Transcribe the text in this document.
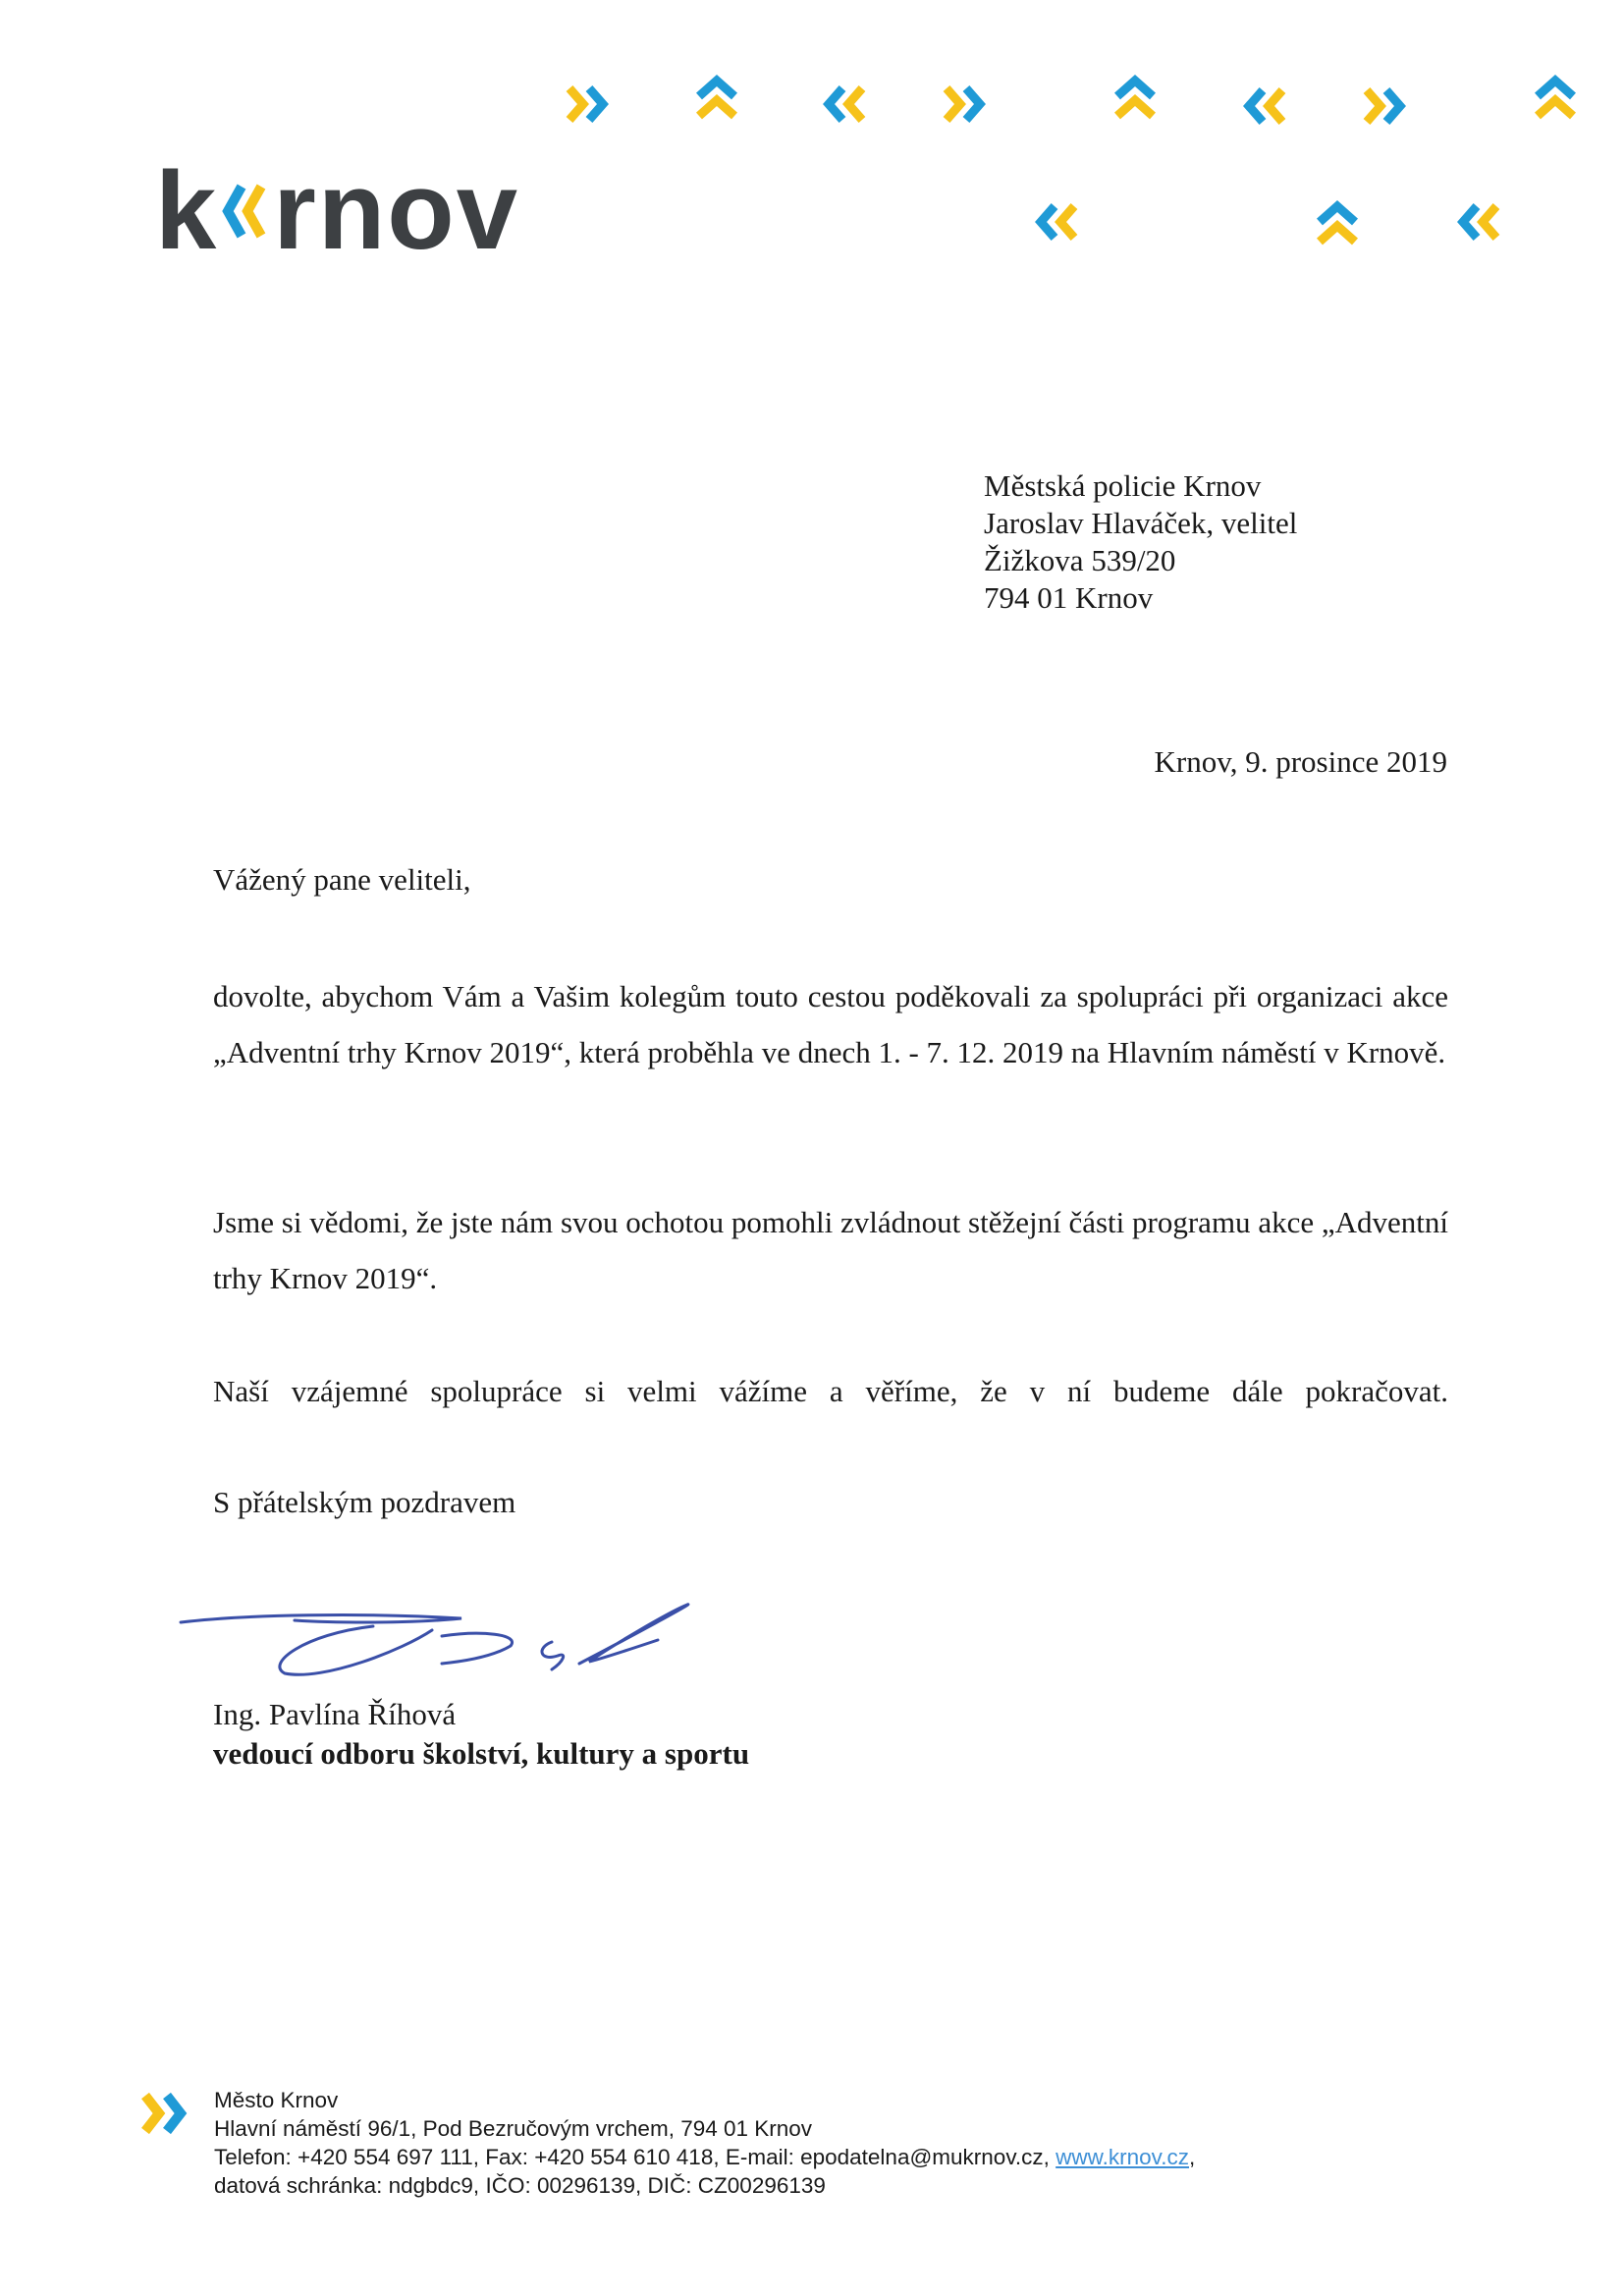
k rnov
Městská policie Krnov
Jaroslav Hlaváček, velitel
Žižkova 539/20
794 01 Krnov
Krnov, 9. prosince 2019
Vážený pane veliteli,
dovolte, abychom Vám a Vašim kolegům touto cestou poděkovali za spolupráci při organizaci akce „Adventní trhy Krnov 2019“, která proběhla ve dnech 1. - 7. 12. 2019 na Hlavním náměstí v Krnově.
Jsme si vědomi, že jste nám svou ochotou pomohli zvládnout stěžejní části programu akce „Adventní trhy Krnov 2019“.
Naší vzájemné spolupráce si velmi vážíme a věříme, že v ní budeme dále pokračovat.
S přátelským pozdravem
Ing. Pavlína Říhová
vedoucí odboru školství, kultury a sportu
Město Krnov
Hlavní náměstí 96/1, Pod Bezručovým vrchem, 794 01 Krnov
Telefon: +420 554 697 111, Fax: +420 554 610 418, E-mail: epodatelna@mukrnov.cz, www.krnov.cz,
datová schránka: ndgbdc9, IČO: 00296139, DIČ: CZ00296139
